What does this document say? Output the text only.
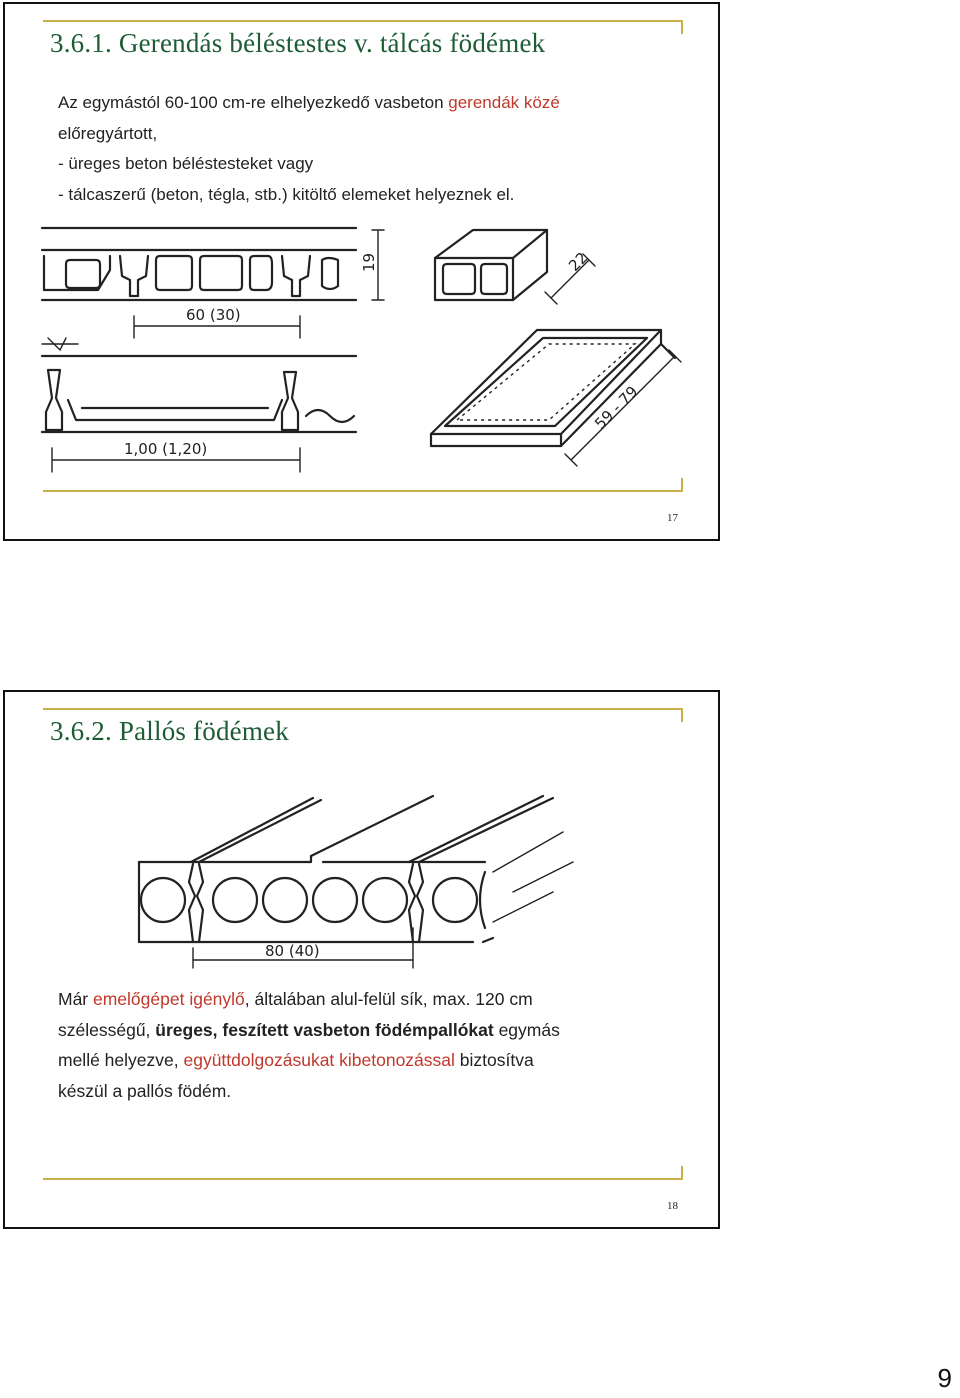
3.6.1. Gerendás béléstestes v. tálcás födémek
Az egymástól 60-100 cm-re elhelyezkedő vasbeton gerendák közé
előregyártott,
- üreges beton béléstesteket vagy
- tálcaszerű (beton, tégla, stb.) kitöltő elemeket helyeznek el.
19
60 (30)
1,00 (1,20)
22
59 - 79
17
3.6.2. Pallós födémek
80 (40)
Már emelőgépet igénylő, általában alul-felül sík, max. 120 cm
szélességű, üreges, feszített vasbeton födémpallókat egymás
mellé helyezve, együttdolgozásukat kibetonozással biztosítva
készül a pallós födém.
18
9
